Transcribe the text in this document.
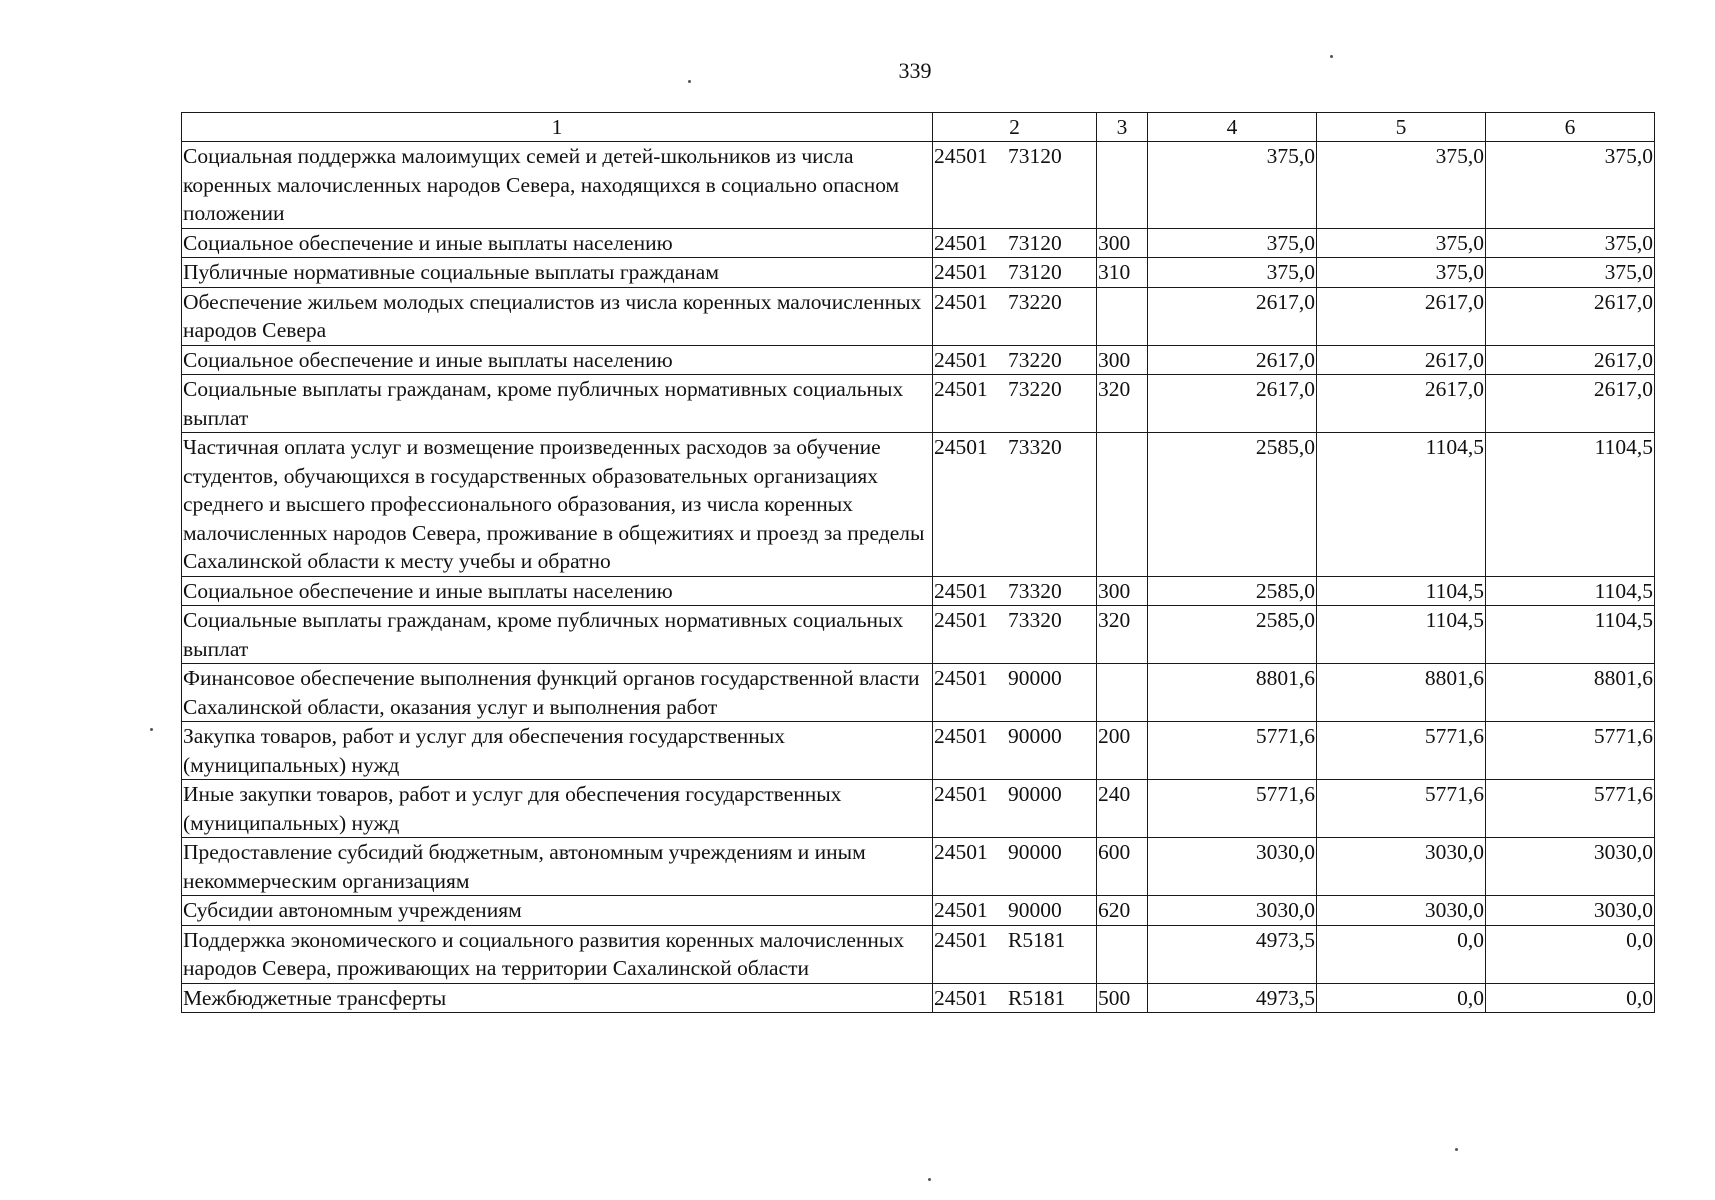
339
1	2	3	4	5	6
Социальная поддержка малоимущих семей и детей-школьников из числа коренных малочисленных народов Севера, находящихся в социально опасном положении	24501 73120		375,0	375,0	375,0
Социальное обеспечение и иные выплаты населению	24501 73120	300	375,0	375,0	375,0
Публичные нормативные социальные выплаты гражданам	24501 73120	310	375,0	375,0	375,0
Обеспечение жильем молодых специалистов из числа коренных малочисленных народов Севера	24501 73220		2617,0	2617,0	2617,0
Социальное обеспечение и иные выплаты населению	24501 73220	300	2617,0	2617,0	2617,0
Социальные выплаты гражданам, кроме публичных нормативных социальных выплат	24501 73220	320	2617,0	2617,0	2617,0
Частичная оплата услуг и возмещение произведенных расходов за обучение студентов, обучающихся в государственных образовательных организациях среднего и высшего профессионального образования, из числа коренных малочисленных народов Севера, проживание в общежитиях и проезд за пределы Сахалинской области к месту учебы и обратно	24501 73320		2585,0	1104,5	1104,5
Социальное обеспечение и иные выплаты населению	24501 73320	300	2585,0	1104,5	1104,5
Социальные выплаты гражданам, кроме публичных нормативных социальных выплат	24501 73320	320	2585,0	1104,5	1104,5
Финансовое обеспечение выполнения функций органов государственной власти Сахалинской области, оказания услуг и выполнения работ	24501 90000		8801,6	8801,6	8801,6
Закупка товаров, работ и услуг для обеспечения государственных (муниципальных) нужд	24501 90000	200	5771,6	5771,6	5771,6
Иные закупки товаров, работ и услуг для обеспечения государственных (муниципальных) нужд	24501 90000	240	5771,6	5771,6	5771,6
Предоставление субсидий бюджетным, автономным учреждениям и иным некоммерческим организациям	24501 90000	600	3030,0	3030,0	3030,0
Субсидии автономным учреждениям	24501 90000	620	3030,0	3030,0	3030,0
Поддержка экономического и социального развития коренных малочисленных народов Севера, проживающих на территории Сахалинской области	24501 R5181		4973,5	0,0	0,0
Межбюджетные трансферты	24501 R5181	500	4973,5	0,0	0,0
